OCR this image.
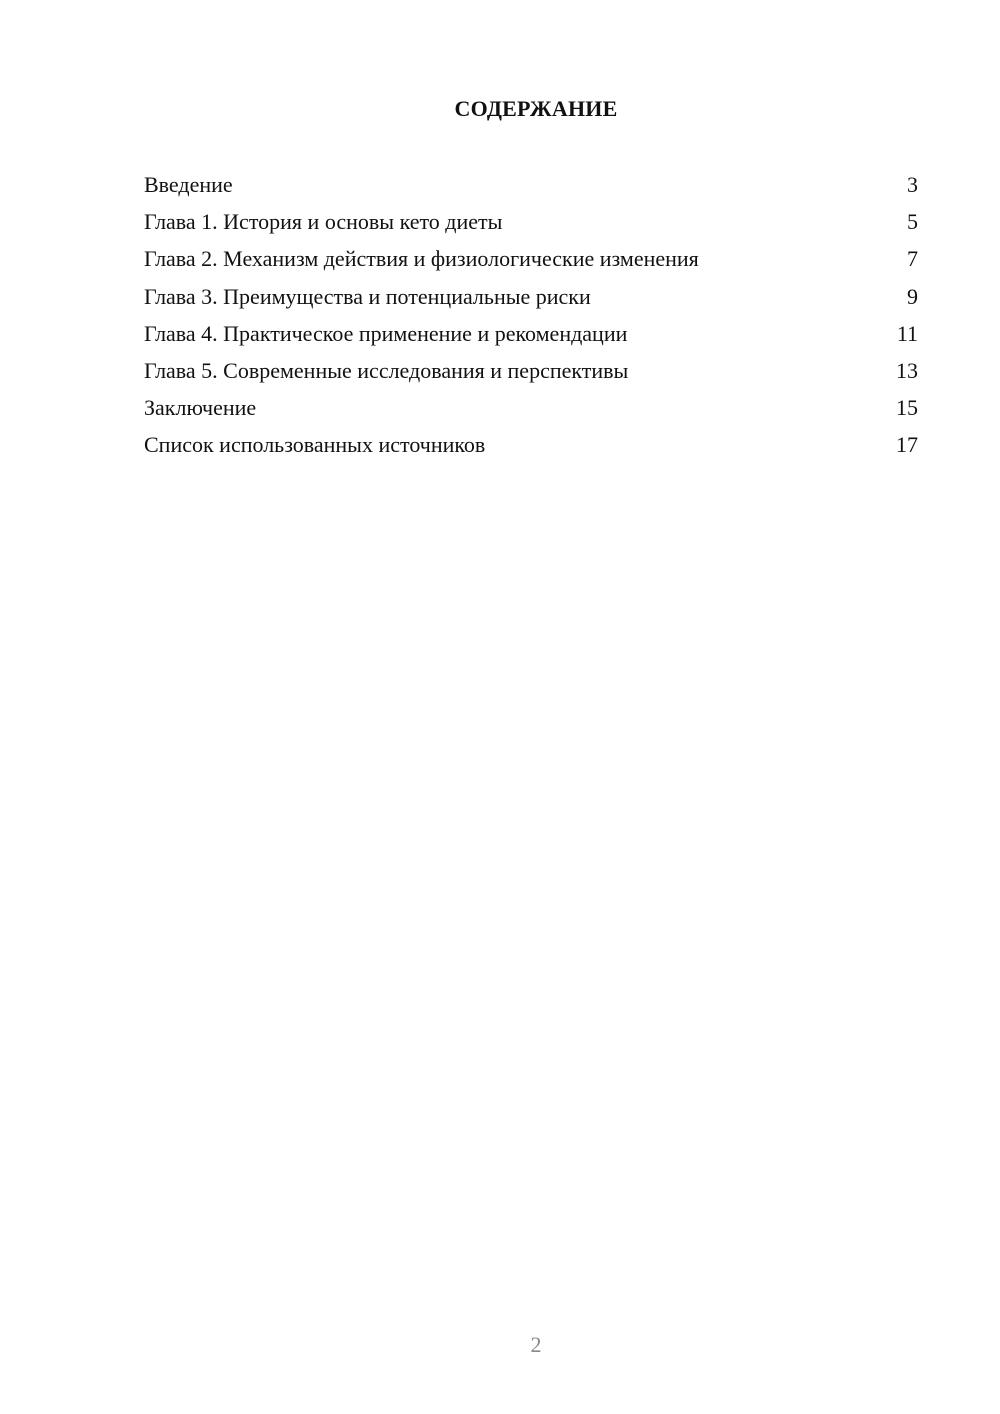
СОДЕРЖАНИЕ
Введение	3
Глава 1. История и основы кето диеты	5
Глава 2. Механизм действия и физиологические изменения	7
Глава 3. Преимущества и потенциальные риски	9
Глава 4. Практическое применение и рекомендации	11
Глава 5. Современные исследования и перспективы	13
Заключение	15
Список использованных источников	17
2
